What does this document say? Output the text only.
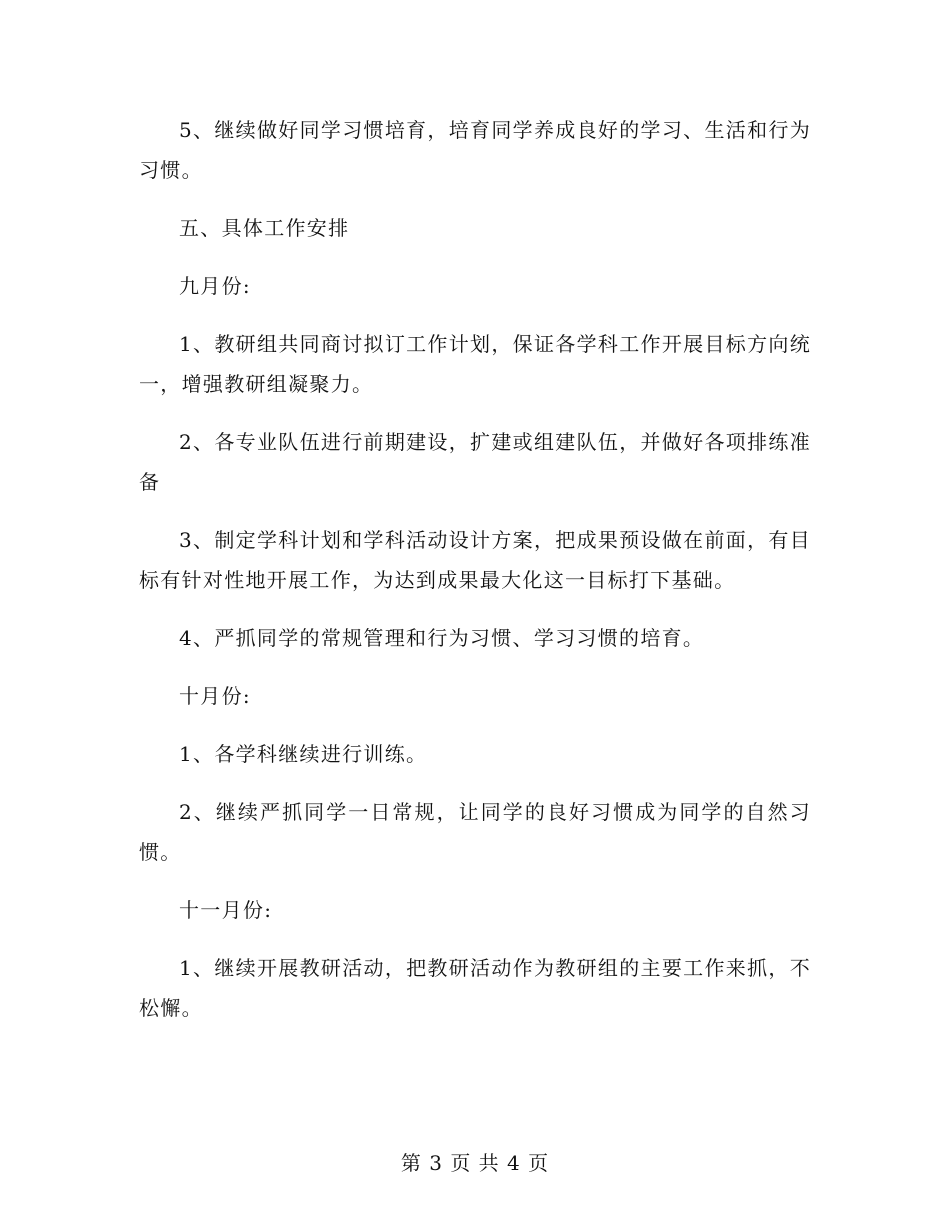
5、继续做好同学习惯培育，培育同学养成良好的学习、生活和行为习惯。

五、具体工作安排

九月份:

1、教研组共同商讨拟订工作计划，保证各学科工作开展目标方向统一，增强教研组凝聚力。

2、各专业队伍进行前期建设，扩建或组建队伍，并做好各项排练准备

3、制定学科计划和学科活动设计方案，把成果预设做在前面，有目标有针对性地开展工作，为达到成果最大化这一目标打下基础。

4、严抓同学的常规管理和行为习惯、学习习惯的培育。

十月份:

1、各学科继续进行训练。

2、继续严抓同学一日常规，让同学的良好习惯成为同学的自然习惯。

十一月份:

1、继续开展教研活动，把教研活动作为教研组的主要工作来抓，不松懈。

第 3 页 共 4 页
